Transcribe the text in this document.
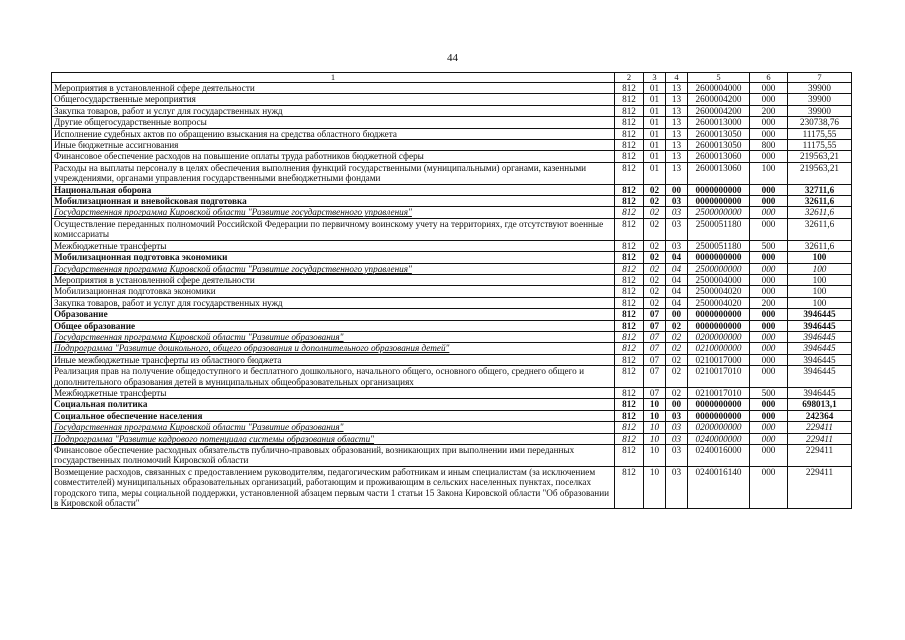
44
1	2	3	4	5	6	7
Мероприятия в установленной сфере деятельности	812	01	13	2600004000	000	39900
Общегосударственные мероприятия	812	01	13	2600004200	000	39900
Закупка товаров, работ и услуг для государственных нужд	812	01	13	2600004200	200	39900
Другие общегосударственные вопросы	812	01	13	2600013000	000	230738,76
Исполнение судебных актов по обращению взыскания на средства областного бюджета	812	01	13	2600013050	000	11175,55
Иные бюджетные ассигнования	812	01	13	2600013050	800	11175,55
Финансовое обеспечение расходов на повышение оплаты труда работников бюджетной сферы	812	01	13	2600013060	000	219563,21
Расходы на выплаты персоналу в целях обеспечения выполнения функций государственными (муниципальными) органами, казенными учреждениями, органами управления государственными внебюджетными фондами	812	01	13	2600013060	100	219563,21
Национальная оборона	812	02	00	0000000000	000	32711,6
Мобилизационная и вневойсковая подготовка	812	02	03	0000000000	000	32611,6
Государственная программа Кировской области "Развитие государственного управления"	812	02	03	2500000000	000	32611,6
Осуществление переданных полномочий Российской Федерации по первичному воинскому учету на территориях, где отсутствуют военные комиссариаты	812	02	03	2500051180	000	32611,6
Межбюджетные трансферты	812	02	03	2500051180	500	32611,6
Мобилизационная подготовка экономики	812	02	04	0000000000	000	100
Государственная программа Кировской области "Развитие государственного управления"	812	02	04	2500000000	000	100
Мероприятия в установленной сфере деятельности	812	02	04	2500004000	000	100
Мобилизационная подготовка экономики	812	02	04	2500004020	000	100
Закупка товаров, работ и услуг для государственных нужд	812	02	04	2500004020	200	100
Образование	812	07	00	0000000000	000	3946445
Общее образование	812	07	02	0000000000	000	3946445
Государственная программа Кировской области "Развитие образования"	812	07	02	0200000000	000	3946445
Подпрограмма "Развитие дошкольного, общего образования и дополнительного образования детей"	812	07	02	0210000000	000	3946445
Иные межбюджетные трансферты из областного бюджета	812	07	02	0210017000	000	3946445
Реализация прав на получение общедоступного и бесплатного дошкольного, начального общего, основного общего, среднего общего и дополнительного образования детей в муниципальных общеобразовательных организациях	812	07	02	0210017010	000	3946445
Межбюджетные трансферты	812	07	02	0210017010	500	3946445
Социальная политика	812	10	00	0000000000	000	698013,1
Социальное обеспечение населения	812	10	03	0000000000	000	242364
Государственная программа Кировской области "Развитие образования"	812	10	03	0200000000	000	229411
Подпрограмма "Развитие кадрового потенциала системы образования области"	812	10	03	0240000000	000	229411
Финансовое обеспечение расходных обязательств публично-правовых образований, возникающих при выполнении ими переданных государственных полномочий Кировской области	812	10	03	0240016000	000	229411
Возмещение расходов, связанных с предоставлением руководителям, педагогическим работникам и иным специалистам (за исключением совместителей) муниципальных образовательных организаций, работающим и проживающим в сельских населенных пунктах, поселках городского типа, меры социальной поддержки, установленной абзацем первым части 1 статьи 15 Закона Кировской области "Об образовании в Кировской области"	812	10	03	0240016140	000	229411
